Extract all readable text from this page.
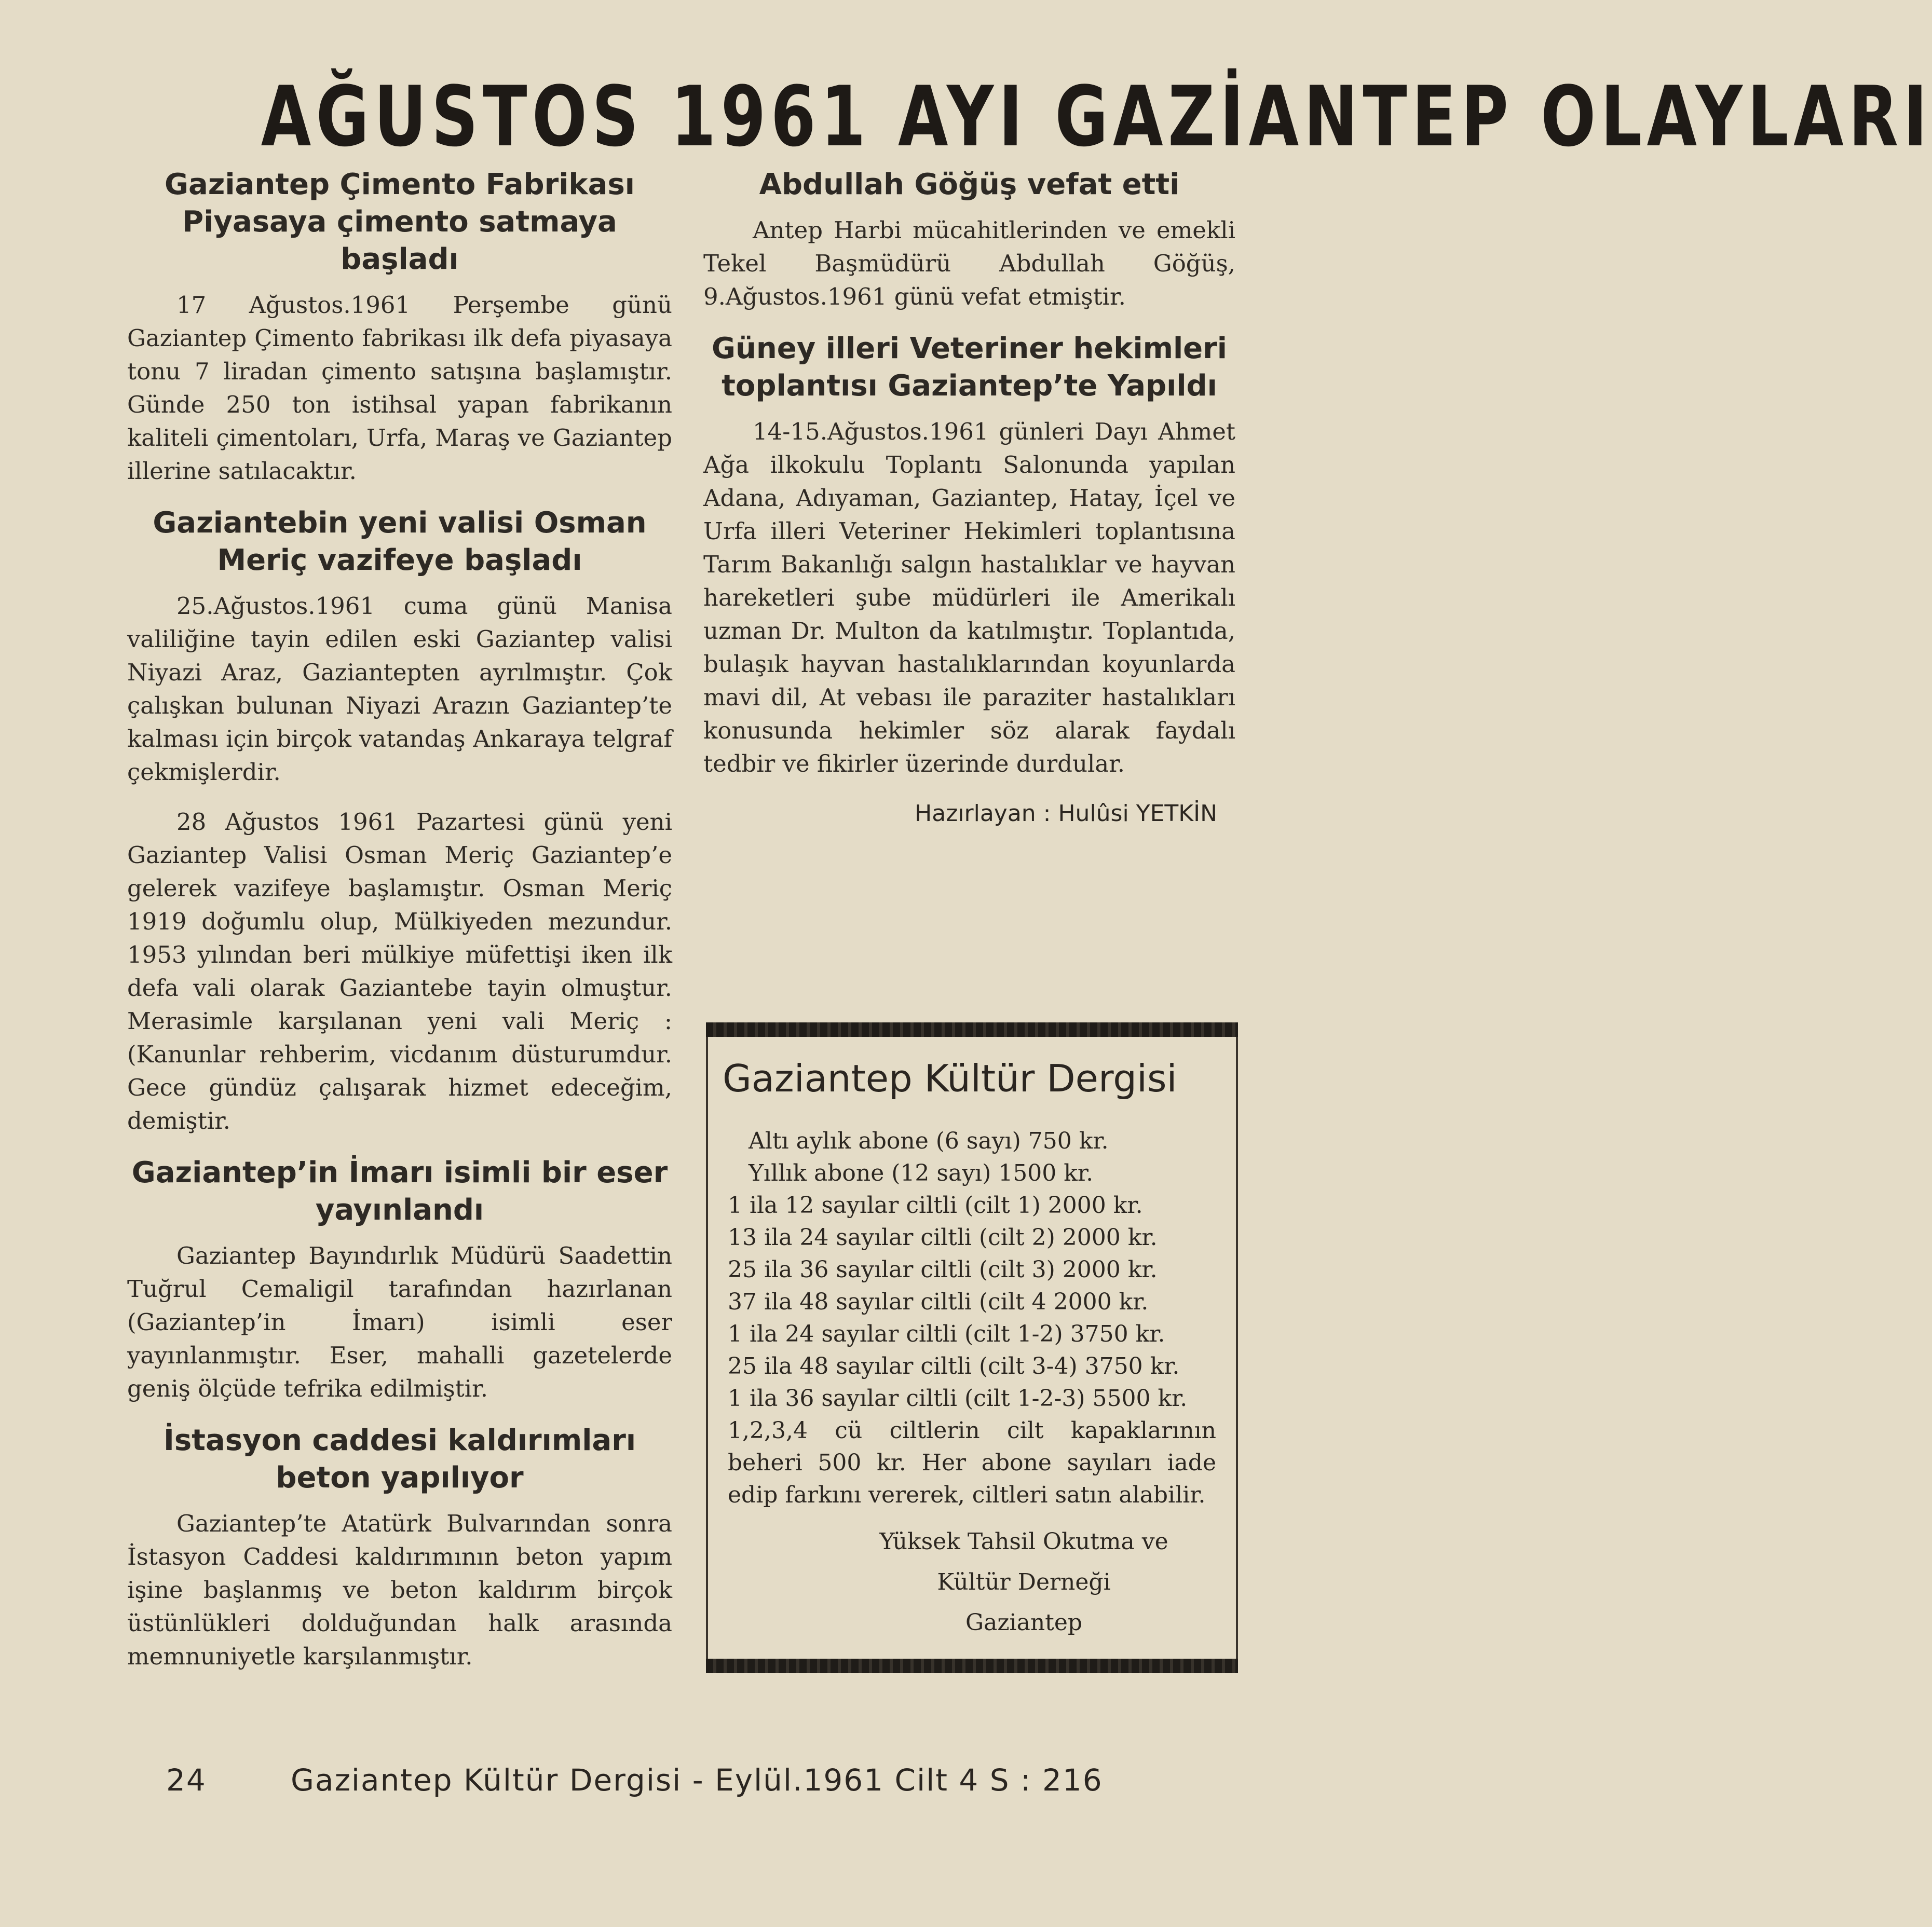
AĞUSTOS 1961 AYI GAZİANTEP OLAYLARI
Gaziantep Çimento Fabrikası Piyasaya çimento satmaya başladı

17 Ağustos.1961 Perşembe günü Gaziantep Çimento fabrikası ilk defa piyasaya tonu 7 liradan çimento satışına başlamıştır. Günde 250 ton istihsal yapan fabrikanın kaliteli çimentoları, Urfa, Maraş ve Gaziantep illerine satılacaktır.

Gaziantebin yeni valisi Osman Meriç vazifeye başladı

25.Ağustos.1961 cuma günü Manisa valiliğine tayin edilen eski Gaziantep valisi Niyazi Araz, Gaziantepten ayrılmıştır. Çok çalışkan bulunan Niyazi Arazın Gaziantep’te kalması için birçok vatandaş Ankaraya telgraf çekmişlerdir.

28 Ağustos 1961 Pazartesi günü yeni Gaziantep Valisi Osman Meriç Gaziantep’e gelerek vazifeye başlamıştır. Osman Meriç 1919 doğumlu olup, Mülkiyeden mezundur. 1953 yılından beri mülkiye müfettişi iken ilk defa vali olarak Gaziantebe tayin olmuştur. Merasimle karşılanan yeni vali Meriç : (Kanunlar rehberim, vicdanım düsturumdur. Gece gündüz çalışarak hizmet edeceğim, demiştir.

Gaziantep’in İmarı isimli bir eser yayınlandı

Gaziantep Bayındırlık Müdürü Saadettin Tuğrul Cemaligil tarafından hazırlanan (Gaziantep’in İmarı) isimli eser yayınlanmıştır. Eser, mahalli gazetelerde geniş ölçüde tefrika edilmiştir.

İstasyon caddesi kaldırımları beton yapılıyor

Gaziantep’te Atatürk Bulvarından sonra İstasyon Caddesi kaldırımının beton yapım işine başlanmış ve beton kaldırım birçok üstünlükleri dolduğundan halk arasında memnuniyetle karşılanmıştır.

Abdullah Göğüş vefat etti

Antep Harbi mücahitlerinden ve emekli Tekel Başmüdürü Abdullah Göğüş, 9.Ağustos.1961 günü vefat etmiştir.

Güney illeri Veteriner hekimleri toplantısı Gaziantep’te Yapıldı

14-15.Ağustos.1961 günleri Dayı Ahmet Ağa ilkokulu Toplantı Salonunda yapılan Adana, Adıyaman, Gaziantep, Hatay, İçel ve Urfa illeri Veteriner Hekimleri toplantısına Tarım Bakanlığı salgın hastalıklar ve hayvan hareketleri şube müdürleri ile Amerikalı uzman Dr. Multon da katılmıştır. Toplantıda, bulaşık hayvan hastalıklarından koyunlarda mavi dil, At vebası ile paraziter hastalıkları konusunda hekimler söz alarak faydalı tedbir ve fikirler üzerinde durdular.

Hazırlayan : Hulûsi YETKİN
Gaziantep Kültür Dergisi
Altı aylık abone (6 sayı) 750 kr.
Yıllık abone (12 sayı) 1500 kr.
1 ila 12 sayılar ciltli (cilt 1) 2000 kr.
13 ila 24 sayılar ciltli (cilt 2) 2000 kr.
25 ila 36 sayılar ciltli (cilt 3) 2000 kr.
37 ila 48 sayılar ciltli (cilt 4 2000 kr.
1 ila 24 sayılar ciltli (cilt 1-2) 3750 kr.
25 ila 48 sayılar ciltli (cilt 3-4) 3750 kr.
1 ila 36 sayılar ciltli (cilt 1-2-3) 5500 kr.
1,2,3,4 cü ciltlerin cilt kapaklarının beheri 500 kr. Her abone sayıları iade edip farkını vererek, ciltleri satın alabilir.
Yüksek Tahsil Okutma ve
Kültür Derneği
Gaziantep
24	Gaziantep Kültür Dergisi - Eylül.1961 Cilt 4 S : 216
